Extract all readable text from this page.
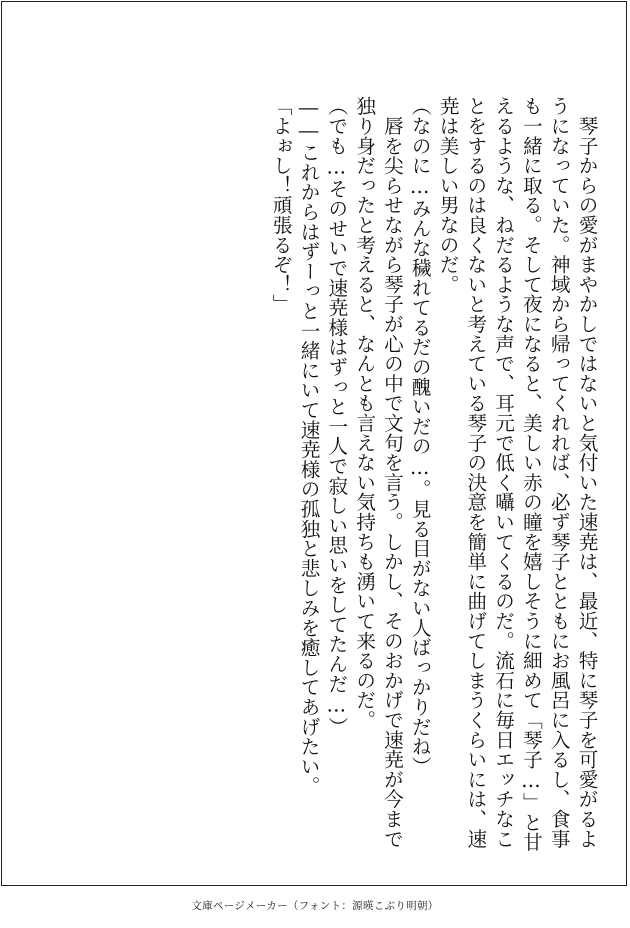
　琴子からの愛がまやかしではないと気付いた速尭は、最近、特に琴子を可愛がるようになっていた。神域から帰ってくれれば、必ず琴子とともにお風呂に入るし、食事も一緒に取る。そして夜になると、美しい赤の瞳を嬉しそうに細めて「琴子…」と甘えるような、ねだるような声で、耳元で低く囁いてくるのだ。流石に毎日エッチなことをするのは良くないと考えている琴子の決意を簡単に曲げてしまうくらいには、速尭は美しい男なのだ。

（なのに…みんな穢れてるだの醜いだの…。見る目がない人ばっかりだね）

　唇を尖らせながら琴子が心の中で文句を言う。しかし、そのおかげで速尭が今まで独り身だったと考えると、なんとも言えない気持ちも湧いて来るのだ。

（でも…そのせいで速尭様はずっと一人で寂しい思いをしてたんだ…）

――これからはずーっと一緒にいて速尭様の孤独と悲しみを癒してあげたい。

「よぉし！頑張るぞ！」

文庫ページメーカー（フォント：源暎こぶり明朝）
